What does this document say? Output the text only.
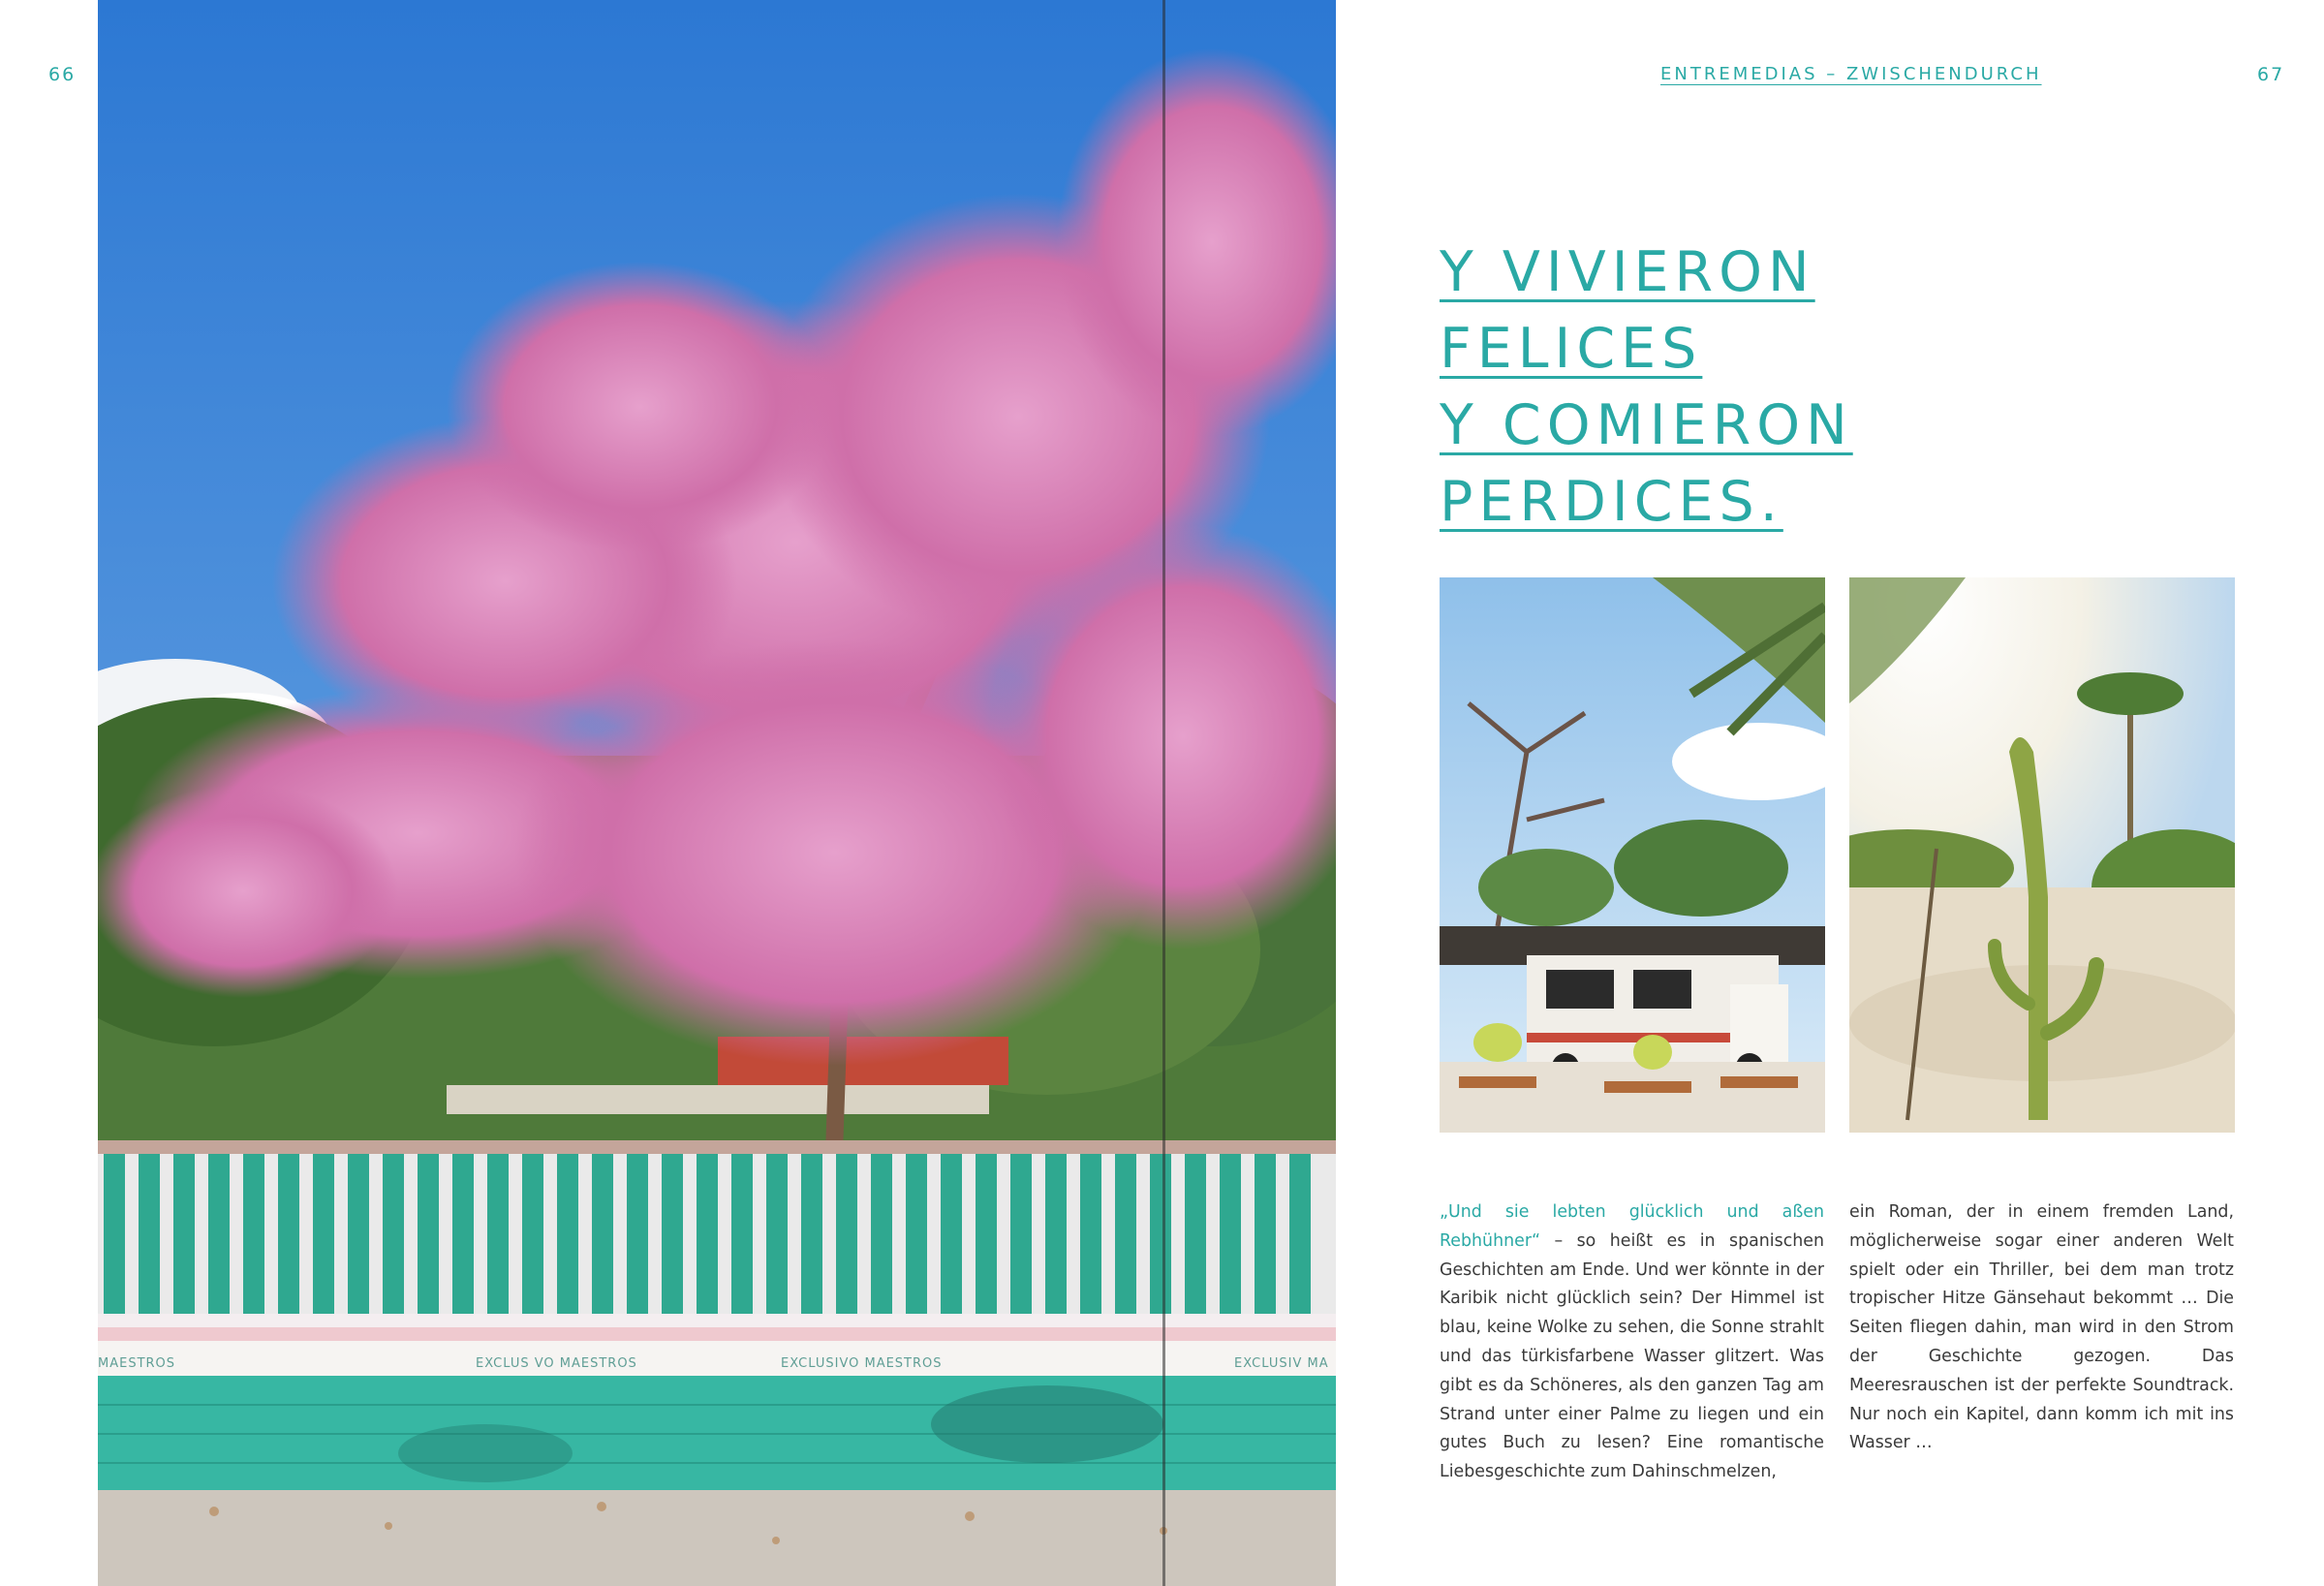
66
MAESTROS	EXCLUS VO MAESTROS	EXCLUSIVO MAESTROS	EXCLUSIV MA
ENTREMEDIAS – ZWISCHENDURCH	67
Y VIVIERON
FELICES
Y COMIERON
PERDICES.

„Und sie lebten glücklich und aßen Rebhühner“ – so heißt es in spanischen Geschichten am Ende. Und wer könnte in der Karibik nicht glücklich sein? Der Himmel ist blau, keine Wolke zu sehen, die Sonne strahlt und das türkisfarbene Wasser glitzert. Was gibt es da Schöneres, als den ganzen Tag am Strand unter einer Palme zu liegen und ein gutes Buch zu lesen? Eine romantische Liebesgeschichte zum Dahinschmelzen,

ein Roman, der in einem fremden Land, möglicherweise sogar einer anderen Welt spielt oder ein Thriller, bei dem man trotz tropischer Hitze Gänsehaut bekommt … Die Seiten fliegen dahin, man wird in den Strom der Geschichte gezogen. Das Meeresrauschen ist der perfekte Soundtrack. Nur noch ein Kapitel, dann komm ich mit ins Wasser …
